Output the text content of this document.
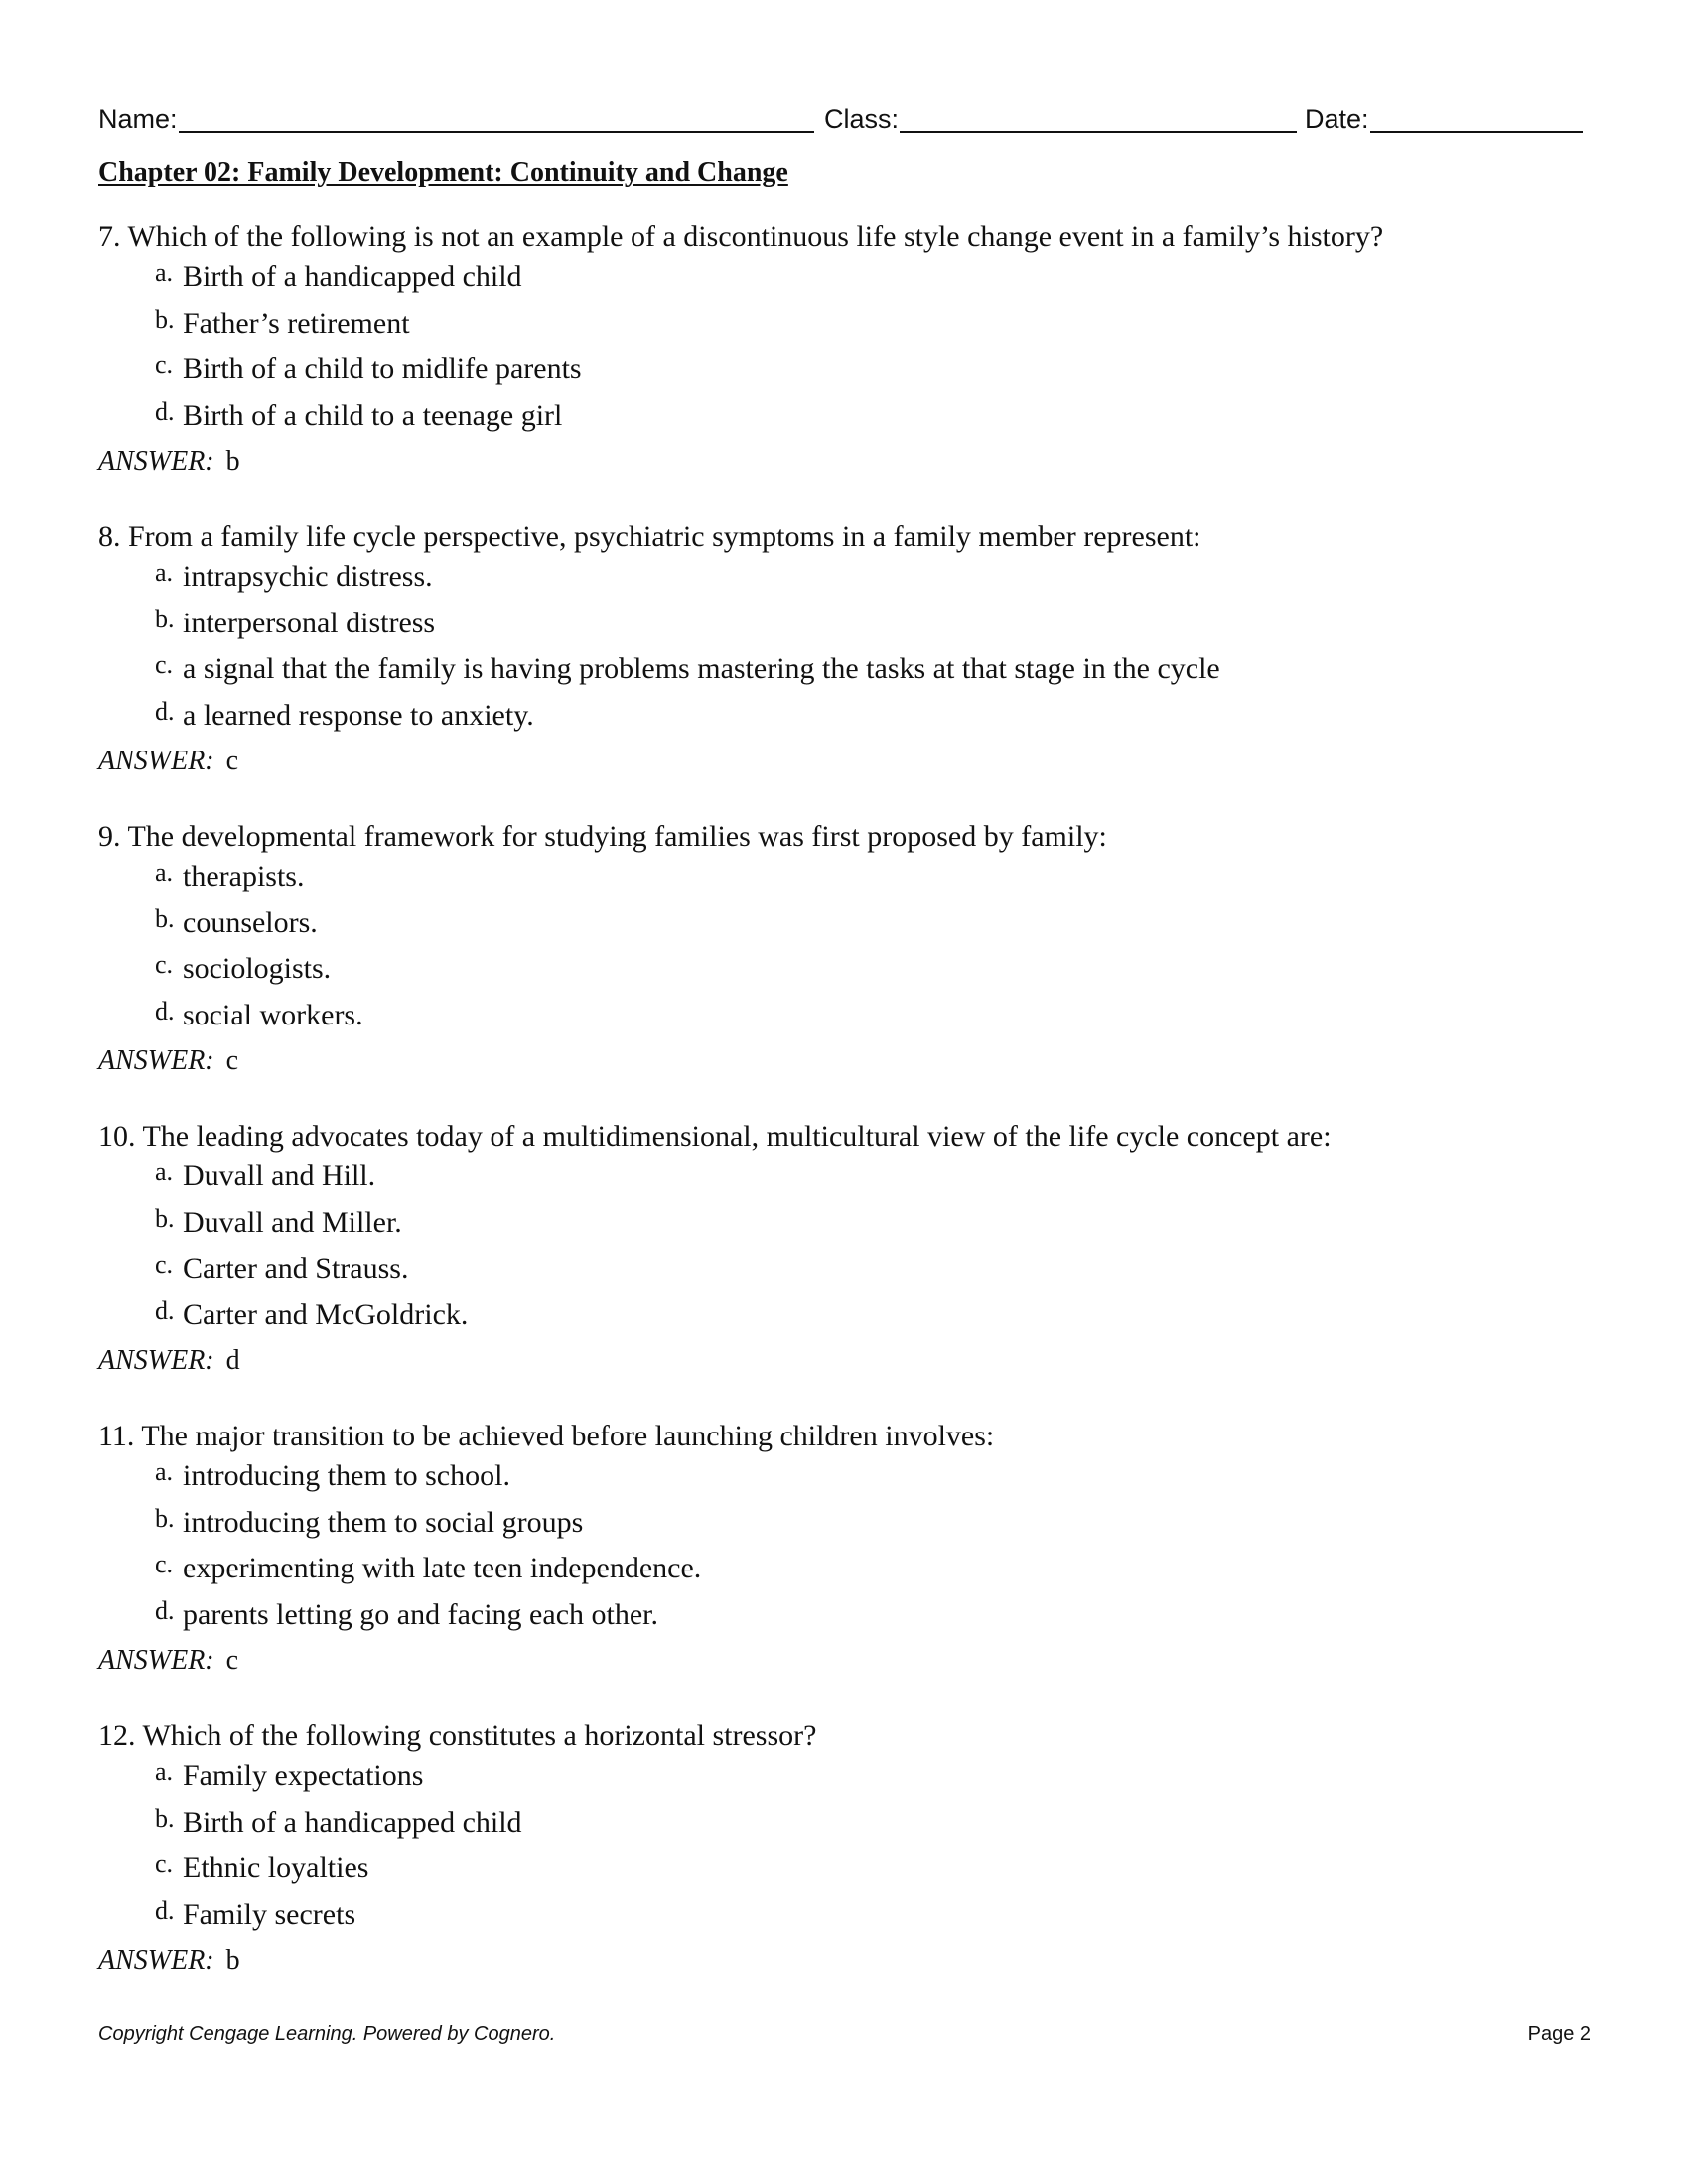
Name:	Class:	Date:
Chapter 02: Family Development: Continuity and Change
7. Which of the following is not an example of a discontinuous life style change event in a family’s history?
a. Birth of a handicapped child
b. Father’s retirement
c. Birth of a child to midlife parents
d. Birth of a child to a teenage girl
ANSWER: b
8. From a family life cycle perspective, psychiatric symptoms in a family member represent:
a. intrapsychic distress.
b. interpersonal distress
c. a signal that the family is having problems mastering the tasks at that stage in the cycle
d. a learned response to anxiety.
ANSWER: c
9. The developmental framework for studying families was first proposed by family:
a. therapists.
b. counselors.
c. sociologists.
d. social workers.
ANSWER: c
10. The leading advocates today of a multidimensional, multicultural view of the life cycle concept are:
a. Duvall and Hill.
b. Duvall and Miller.
c. Carter and Strauss.
d. Carter and McGoldrick.
ANSWER: d
11. The major transition to be achieved before launching children involves:
a. introducing them to school.
b. introducing them to social groups
c. experimenting with late teen independence.
d. parents letting go and facing each other.
ANSWER: c
12. Which of the following constitutes a horizontal stressor?
a. Family expectations
b. Birth of a handicapped child
c. Ethnic loyalties
d. Family secrets
ANSWER: b
Copyright Cengage Learning. Powered by Cognero.	Page 2
